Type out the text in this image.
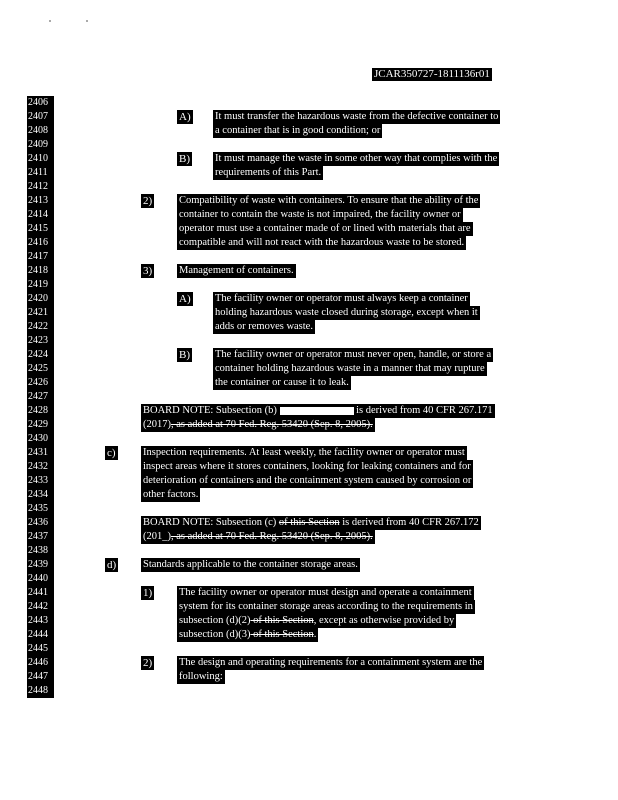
JCAR350727-1811136r01
2406
2407
2408
2409
2410
2411
2412
2413
2414
2415
2416
2417
2418
2419
2420
2421
2422
2423
2424
2425
2426
2427
2428
2429
2430
2431
2432
2433
2434
2435
2436
2437
2438
2439
2440
2441
2442
2443
2444
2445
2446
2447
2448
A)
B)
2)
3)
A)
B)
c)
d)
1)
2)
It must transfer the hazardous waste from the defective container to
a container that is in good condition; or
It must manage the waste in some other way that complies with the
requirements of this Part.
Compatibility of waste with containers. To ensure that the ability of the
container to contain the waste is not impaired, the facility owner or
operator must use a container made of or lined with materials that are
compatible and will not react with the hazardous waste to be stored.
Management of containers.
The facility owner or operator must always keep a container
holding hazardous waste closed during storage, except when it
adds or removes waste.
The facility owner or operator must never open, handle, or store a
container holding hazardous waste in a manner that may rupture
the container or cause it to leak.
BOARD NOTE: Subsection (b)	is derived from 40 CFR 267.171
(2017), as added at 70 Fed. Reg. 53420 (Sep. 8, 2005).
Inspection requirements. At least weekly, the facility owner or operator must
inspect areas where it stores containers, looking for leaking containers and for
deterioration of containers and the containment system caused by corrosion or
other factors.
BOARD NOTE: Subsection (c) of this Section is derived from 40 CFR 267.172
(201_), as added at 70 Fed. Reg. 53420 (Sep. 8, 2005).
Standards applicable to the container storage areas.
The facility owner or operator must design and operate a containment
system for its container storage areas according to the requirements in
subsection (d)(2) of this Section, except as otherwise provided by
subsection (d)(3) of this Section.
The design and operating requirements for a containment system are the
following:
